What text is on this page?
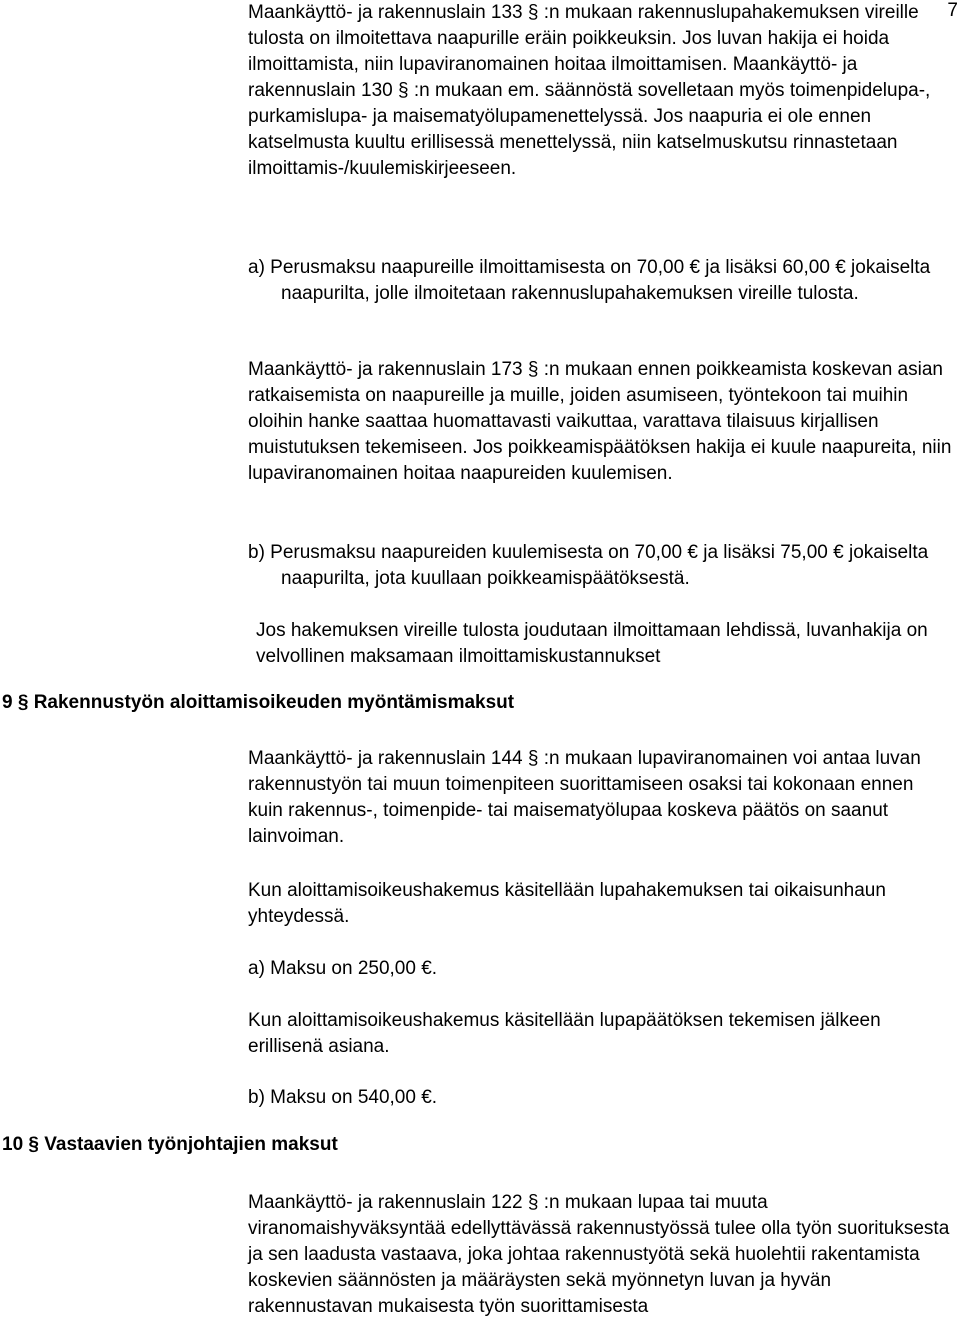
7
Maankäyttö- ja rakennuslain 133 § :n mukaan rakennuslupahakemuksen vireille tulosta on ilmoitettava naapurille eräin poikkeuksin. Jos luvan hakija ei hoida ilmoittamista, niin lupaviranomainen hoitaa ilmoittamisen. Maankäyttö- ja rakennuslain 130 § :n mukaan em. säännöstä sovelletaan myös toimenpidelupa-, purkamislupa- ja maisematyölupamenettelyssä. Jos naapuria ei ole ennen katselmusta kuultu erillisessä menettelyssä, niin katselmuskutsu rinnastetaan ilmoittamis-/kuulemiskirjeeseen.
a) Perusmaksu naapureille ilmoittamisesta on 70,00 € ja lisäksi 60,00 € jokaiselta naapurilta, jolle ilmoitetaan rakennuslupahakemuksen vireille tulosta.
Maankäyttö- ja rakennuslain 173 § :n mukaan ennen poikkeamista koskevan asian ratkaisemista on naapureille ja muille, joiden asumiseen, työntekoon tai muihin oloihin hanke saattaa huomattavasti vaikuttaa, varattava tilaisuus kirjallisen muistutuksen tekemiseen. Jos poikkeamispäätöksen hakija ei kuule naapureita, niin lupaviranomainen hoitaa naapureiden kuulemisen.
b) Perusmaksu naapureiden kuulemisesta on 70,00 € ja lisäksi 75,00 € jokaiselta naapurilta, jota kuullaan poikkeamispäätöksestä.
Jos hakemuksen vireille tulosta joudutaan ilmoittamaan lehdissä, luvanhakija on velvollinen maksamaan ilmoittamiskustannukset
9 § Rakennustyön aloittamisoikeuden myöntämismaksut
Maankäyttö- ja rakennuslain 144 § :n mukaan lupaviranomainen voi antaa luvan rakennustyön tai muun toimenpiteen suorittamiseen osaksi tai kokonaan ennen kuin rakennus-, toimenpide- tai maisematyölupaa koskeva päätös on saanut lainvoiman.
Kun aloittamisoikeushakemus käsitellään lupahakemuksen tai oikaisunhaun yhteydessä.
a) Maksu on 250,00 €.
Kun aloittamisoikeushakemus käsitellään lupapäätöksen tekemisen jälkeen erillisenä asiana.
b) Maksu on 540,00 €.
10 § Vastaavien työnjohtajien maksut
Maankäyttö- ja rakennuslain 122 § :n mukaan lupaa tai muuta viranomaishyväksyntää edellyttävässä rakennustyössä tulee olla työn suorituksesta ja sen laadusta vastaava, joka johtaa rakennustyötä sekä huolehtii rakentamista koskevien säännösten ja määräysten sekä myönnetyn luvan ja hyvän rakennustavan mukaisesta työn suorittamisesta
